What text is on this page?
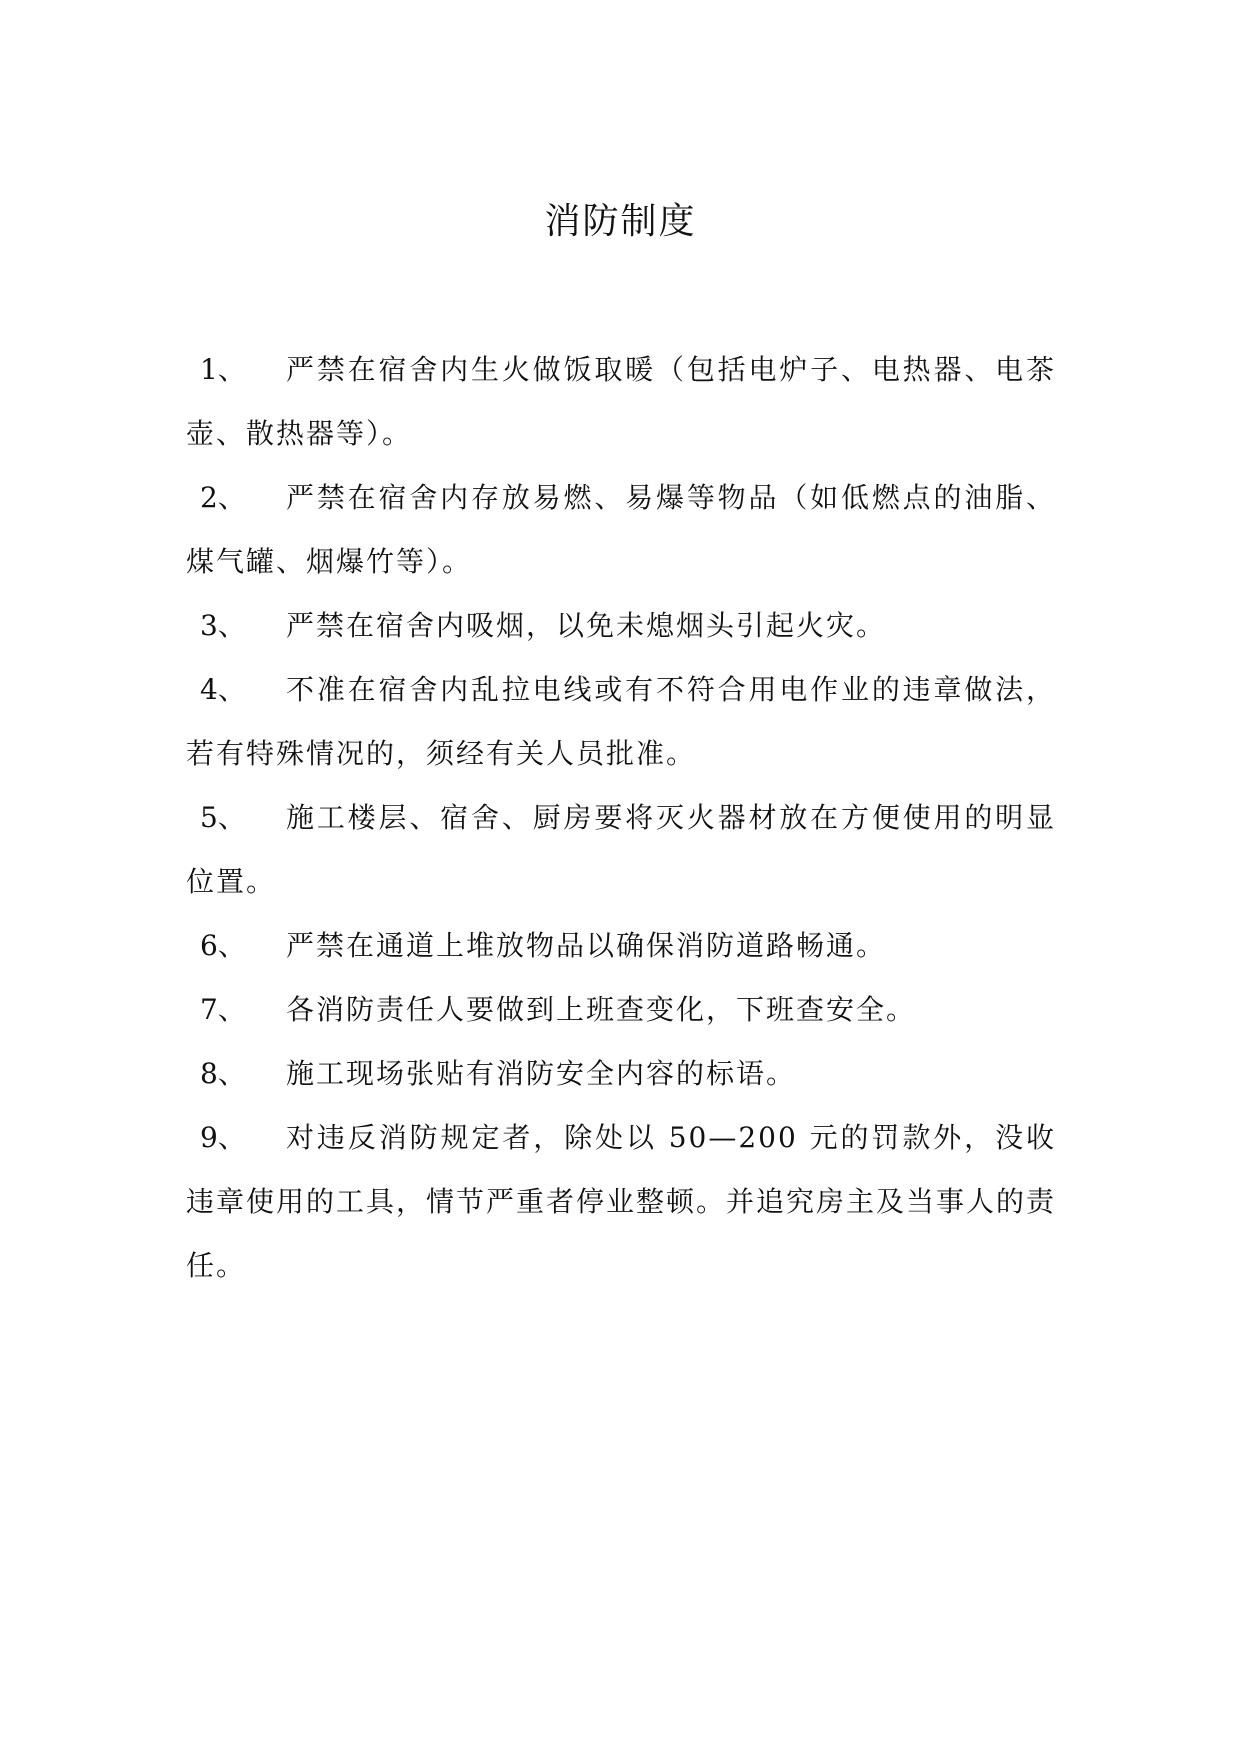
消防制度
1、	严禁在宿舍内生火做饭取暖（包括电炉子、电热器、电茶壶、散热器等）。
2、	严禁在宿舍内存放易燃、易爆等物品（如低燃点的油脂、煤气罐、烟爆竹等）。
3、	严禁在宿舍内吸烟，以免未熄烟头引起火灾。
4、	不准在宿舍内乱拉电线或有不符合用电作业的违章做法，若有特殊情况的，须经有关人员批准。
5、	施工楼层、宿舍、厨房要将灭火器材放在方便使用的明显位置。
6、	严禁在通道上堆放物品以确保消防道路畅通。
7、	各消防责任人要做到上班查变化，下班查安全。
8、	施工现场张贴有消防安全内容的标语。
9、	对违反消防规定者，除处以 50—200 元的罚款外，没收违章使用的工具，情节严重者停业整顿。并追究房主及当事人的责任。
